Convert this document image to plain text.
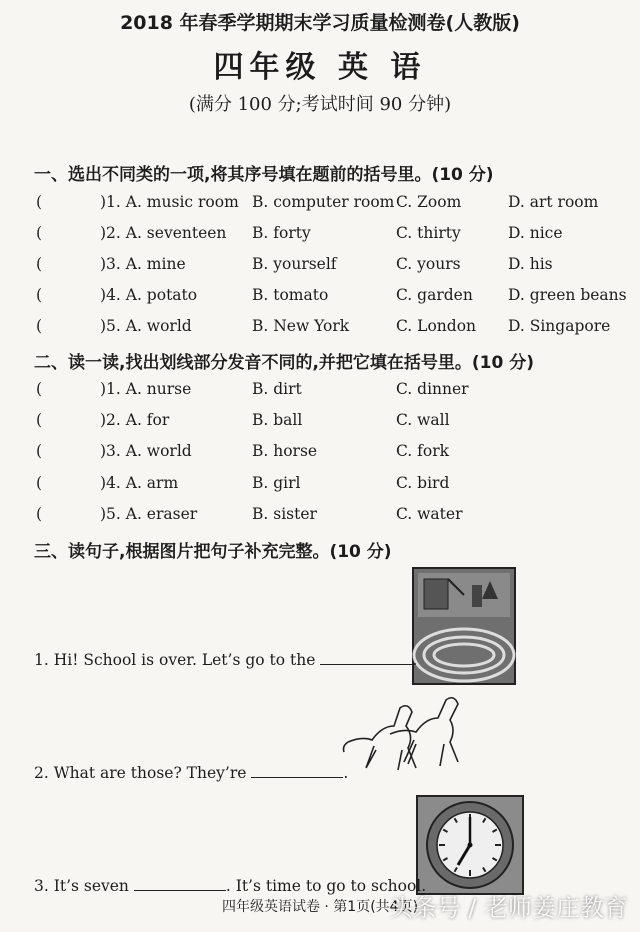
2018 年春季学期期末学习质量检测卷(人教版)
四年级 英 语
(满分 100 分;考试时间 90 分钟)
一、选出不同类的一项,将其序号填在题前的括号里。(10 分)
(	)1. A. music room B. computer room C. Zoom	D. art room
(	)2. A. seventeen B. forty	C. thirty	D. nice
(	)3. A. mine	B. yourself	C. yours	D. his
(	)4. A. potato	B. tomato	C. garden D. green beans
(	)5. A. world	B. New York	C. London D. Singapore
二、读一读,找出划线部分发音不同的,并把它填在括号里。(10 分)
(	)1. A. nurse	B. dirt	C. dinner
(	)2. A. for	B. ball	C. wall
(	)3. A. world	B. horse	C. fork
(	)4. A. arm	B. girl	C. bird
(	)5. A. eraser	B. sister	C. water
三、读句子,根据图片把句子补充完整。(10 分)
1. Hi! School is over. Let’s go to the	.
2. What are those? They’re	.
3. It’s seven	. It’s time to go to school.
四年级英语试卷 · 第1页(共4页)
头条号 / 老师姜庄教育
